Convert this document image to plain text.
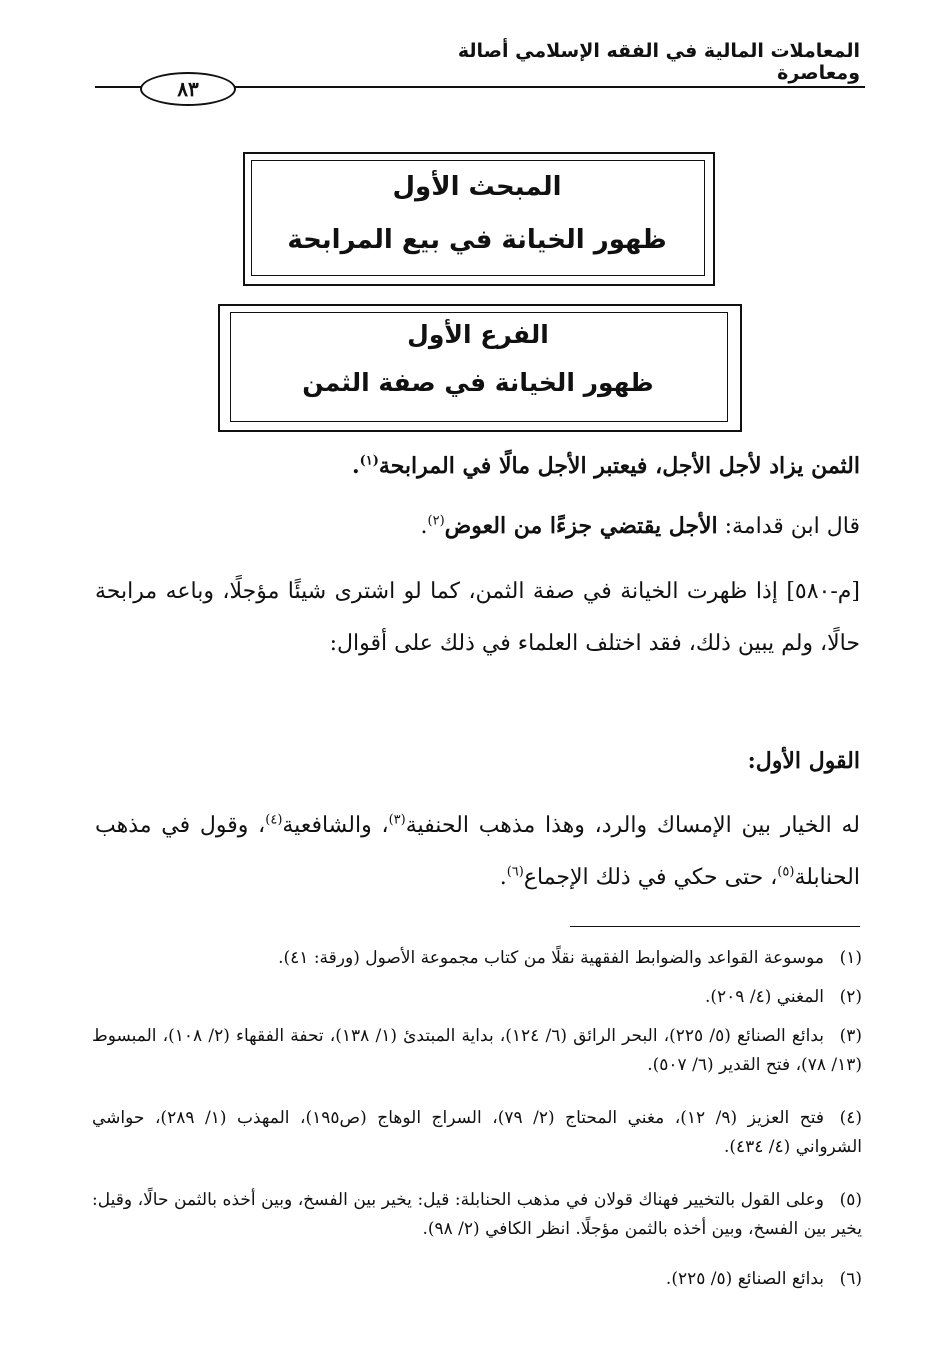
المعاملات المالية في الفقه الإسلامي أصالة ومعاصرة
٨٣
المبحث الأول
ظهور الخيانة في بيع المرابحة
الفرع الأول
ظهور الخيانة في صفة الثمن
الثمن يزاد لأجل الأجل، فيعتبر الأجل مالًا في المرابحة$^{(١)}$.
قال ابن قدامة: الأجل يقتضي جزءًا من العوض$^{(٢)}$.
[م-٥٨٠] إذا ظهرت الخيانة في صفة الثمن، كما لو اشترى شيئًا مؤجلًا، وباعه مرابحة حالًا، ولم يبين ذلك، فقد اختلف العلماء في ذلك على أقوال:
القول الأول:
له الخيار بين الإمساك والرد، وهذا مذهب الحنفية$^{(٣)}$، والشافعية$^{(٤)}$، وقول في مذهب الحنابلة$^{(٥)}$، حتى حكي في ذلك الإجماع$^{(٦)}$.
(١)موسوعة القواعد والضوابط الفقهية نقلًا من كتاب مجموعة الأصول (ورقة: ٤١).
(٢)المغني (٤/ ٢٠٩).
(٣)بدائع الصنائع (٥/ ٢٢٥)، البحر الرائق (٦/ ١٢٤)، بداية المبتدئ (١/ ١٣٨)، تحفة الفقهاء (٢/ ١٠٨)، المبسوط (١٣/ ٧٨)، فتح القدير (٦/ ٥٠٧).
(٤)فتح العزيز (٩/ ١٢)، مغني المحتاج (٢/ ٧٩)، السراج الوهاج (ص١٩٥)، المهذب (١/ ٢٨٩)، حواشي الشرواني (٤/ ٤٣٤).
(٥)وعلى القول بالتخيير فهناك قولان في مذهب الحنابلة: قيل: يخير بين الفسخ، وبين أخذه بالثمن حالًا، وقيل: يخير بين الفسخ، وبين أخذه بالثمن مؤجلًا. انظر الكافي (٢/ ٩٨).
(٦)بدائع الصنائع (٥/ ٢٢٥).
